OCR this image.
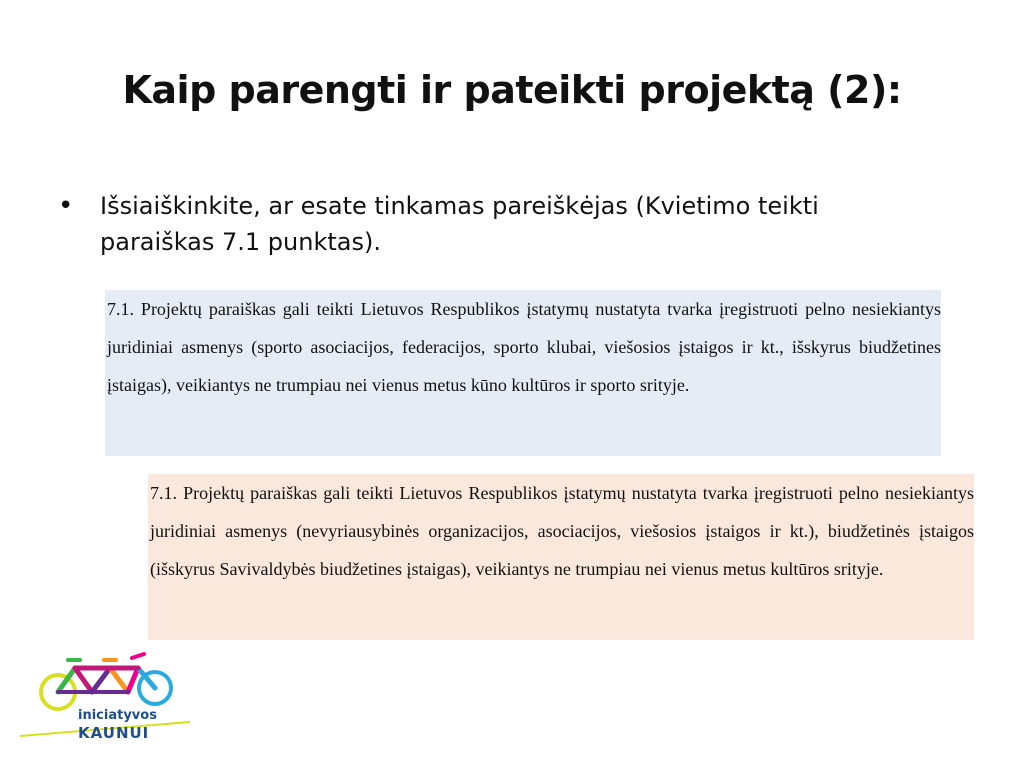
Kaip parengti ir pateikti projektą (2):
•	Išsiaiškinkite, ar esate tinkamas pareiškėjas (Kvietimo teikti paraiškas 7.1 punktas).

7.1. Projektų paraiškas gali teikti Lietuvos Respublikos įstatymų nustatyta tvarka įregistruoti pelno nesiekiantys juridiniai asmenys (sporto asociacijos, federacijos, sporto klubai, viešosios įstaigos ir kt., išskyrus biudžetines įstaigas), veikiantys ne trumpiau nei vienus metus kūno kultūros ir sporto srityje.

7.1. Projektų paraiškas gali teikti Lietuvos Respublikos įstatymų nustatyta tvarka įregistruoti pelno nesiekiantys juridiniai asmenys (nevyriausybinės organizacijos, asociacijos, viešosios įstaigos ir kt.), biudžetinės įstaigos (išskyrus Savivaldybės biudžetines įstaigas), veikiantys ne trumpiau nei vienus metus kultūros srityje.

iniciatyvos
KAUNUI
